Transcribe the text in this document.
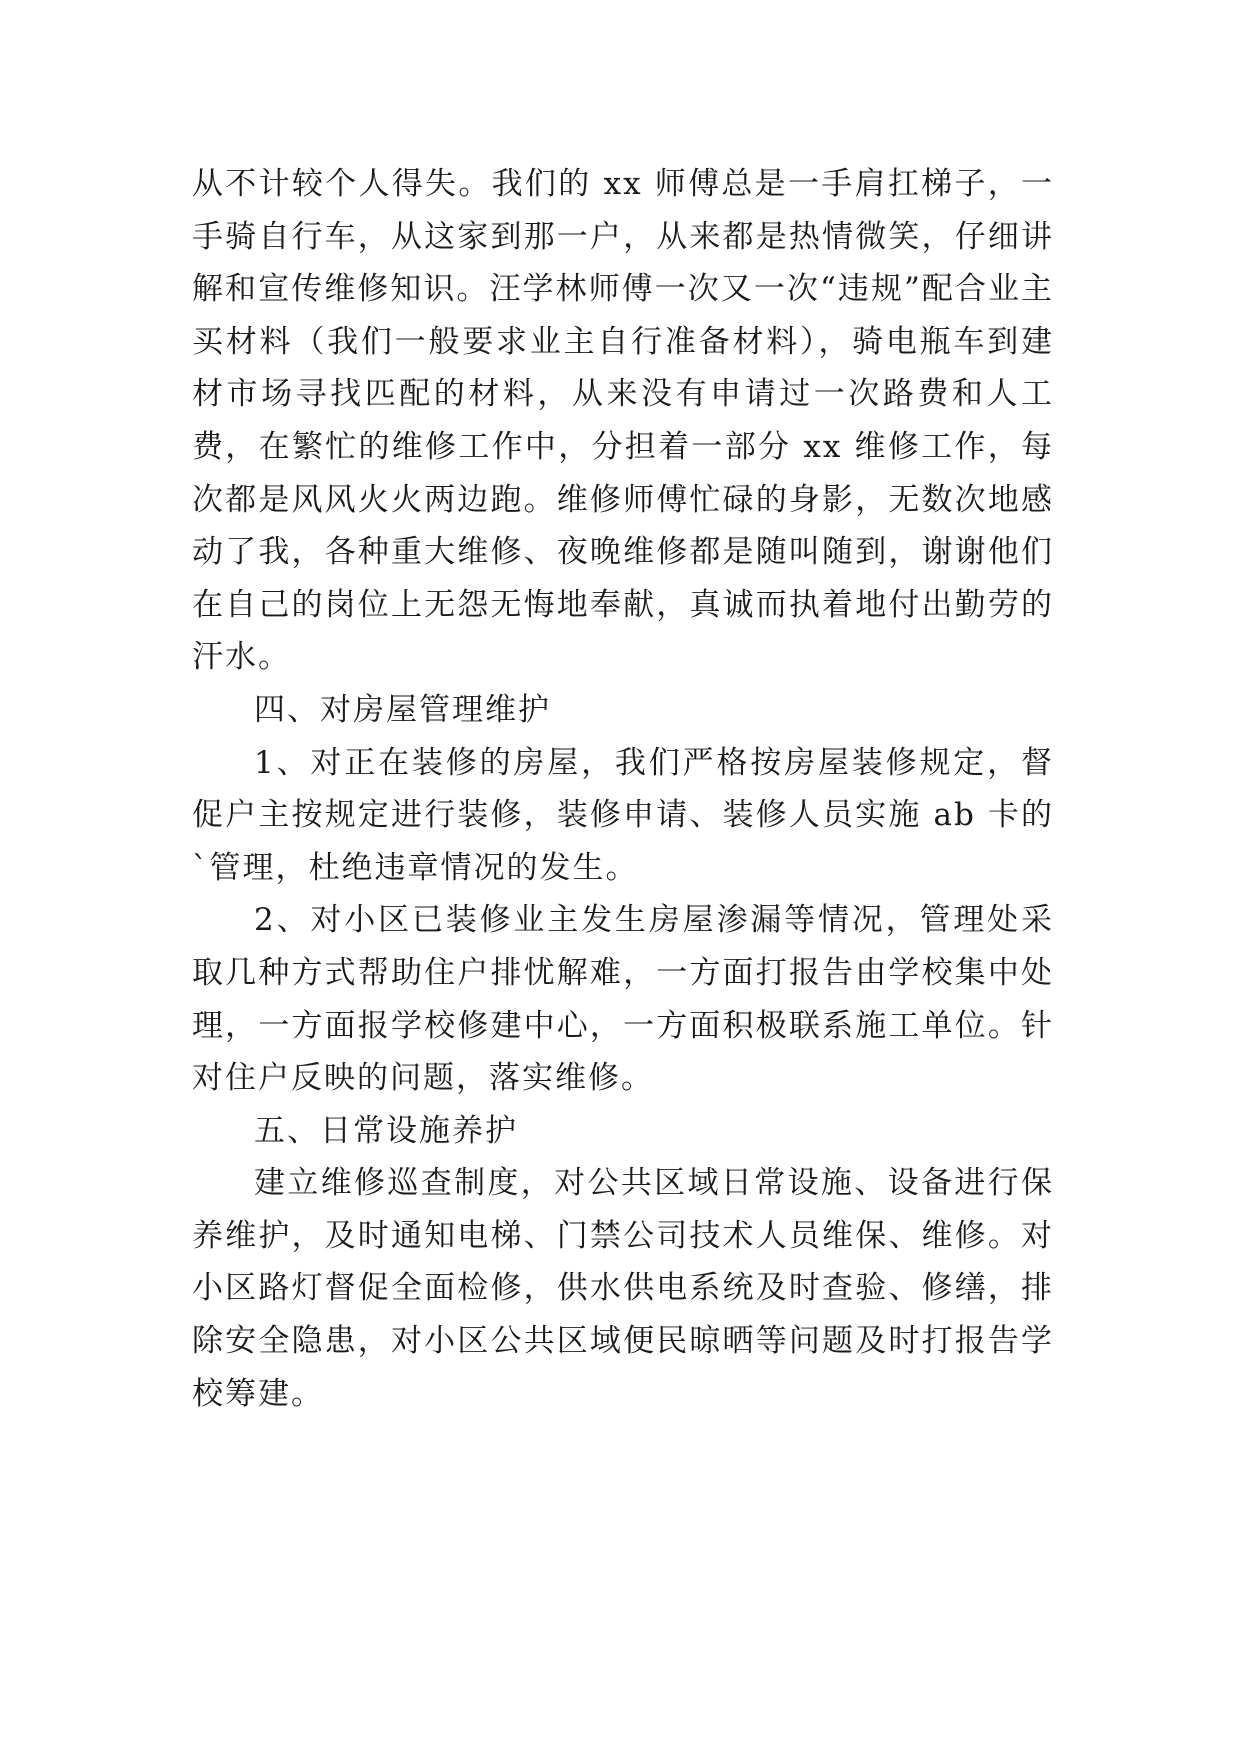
从不计较个人得失。我们的 xx 师傅总是一手肩扛梯子，一手骑自行车，从这家到那一户，从来都是热情微笑，仔细讲解和宣传维修知识。汪学林师傅一次又一次“违规”配合业主买材料（我们一般要求业主自行准备材料），骑电瓶车到建材市场寻找匹配的材料，从来没有申请过一次路费和人工费，在繁忙的维修工作中，分担着一部分 xx 维修工作，每次都是风风火火两边跑。维修师傅忙碌的身影，无数次地感动了我，各种重大维修、夜晚维修都是随叫随到，谢谢他们在自己的岗位上无怨无悔地奉献，真诚而执着地付出勤劳的汗水。

四、对房屋管理维护

1、对正在装修的房屋，我们严格按房屋装修规定，督促户主按规定进行装修，装修申请、装修人员实施 ab 卡的`管理，杜绝违章情况的发生。

2、对小区已装修业主发生房屋渗漏等情况，管理处采取几种方式帮助住户排忧解难，一方面打报告由学校集中处理，一方面报学校修建中心，一方面积极联系施工单位。针对住户反映的问题，落实维修。

五、日常设施养护

建立维修巡查制度，对公共区域日常设施、设备进行保养维护，及时通知电梯、门禁公司技术人员维保、维修。对小区路灯督促全面检修，供水供电系统及时查验、修缮，排除安全隐患，对小区公共区域便民晾晒等问题及时打报告学校筹建。
